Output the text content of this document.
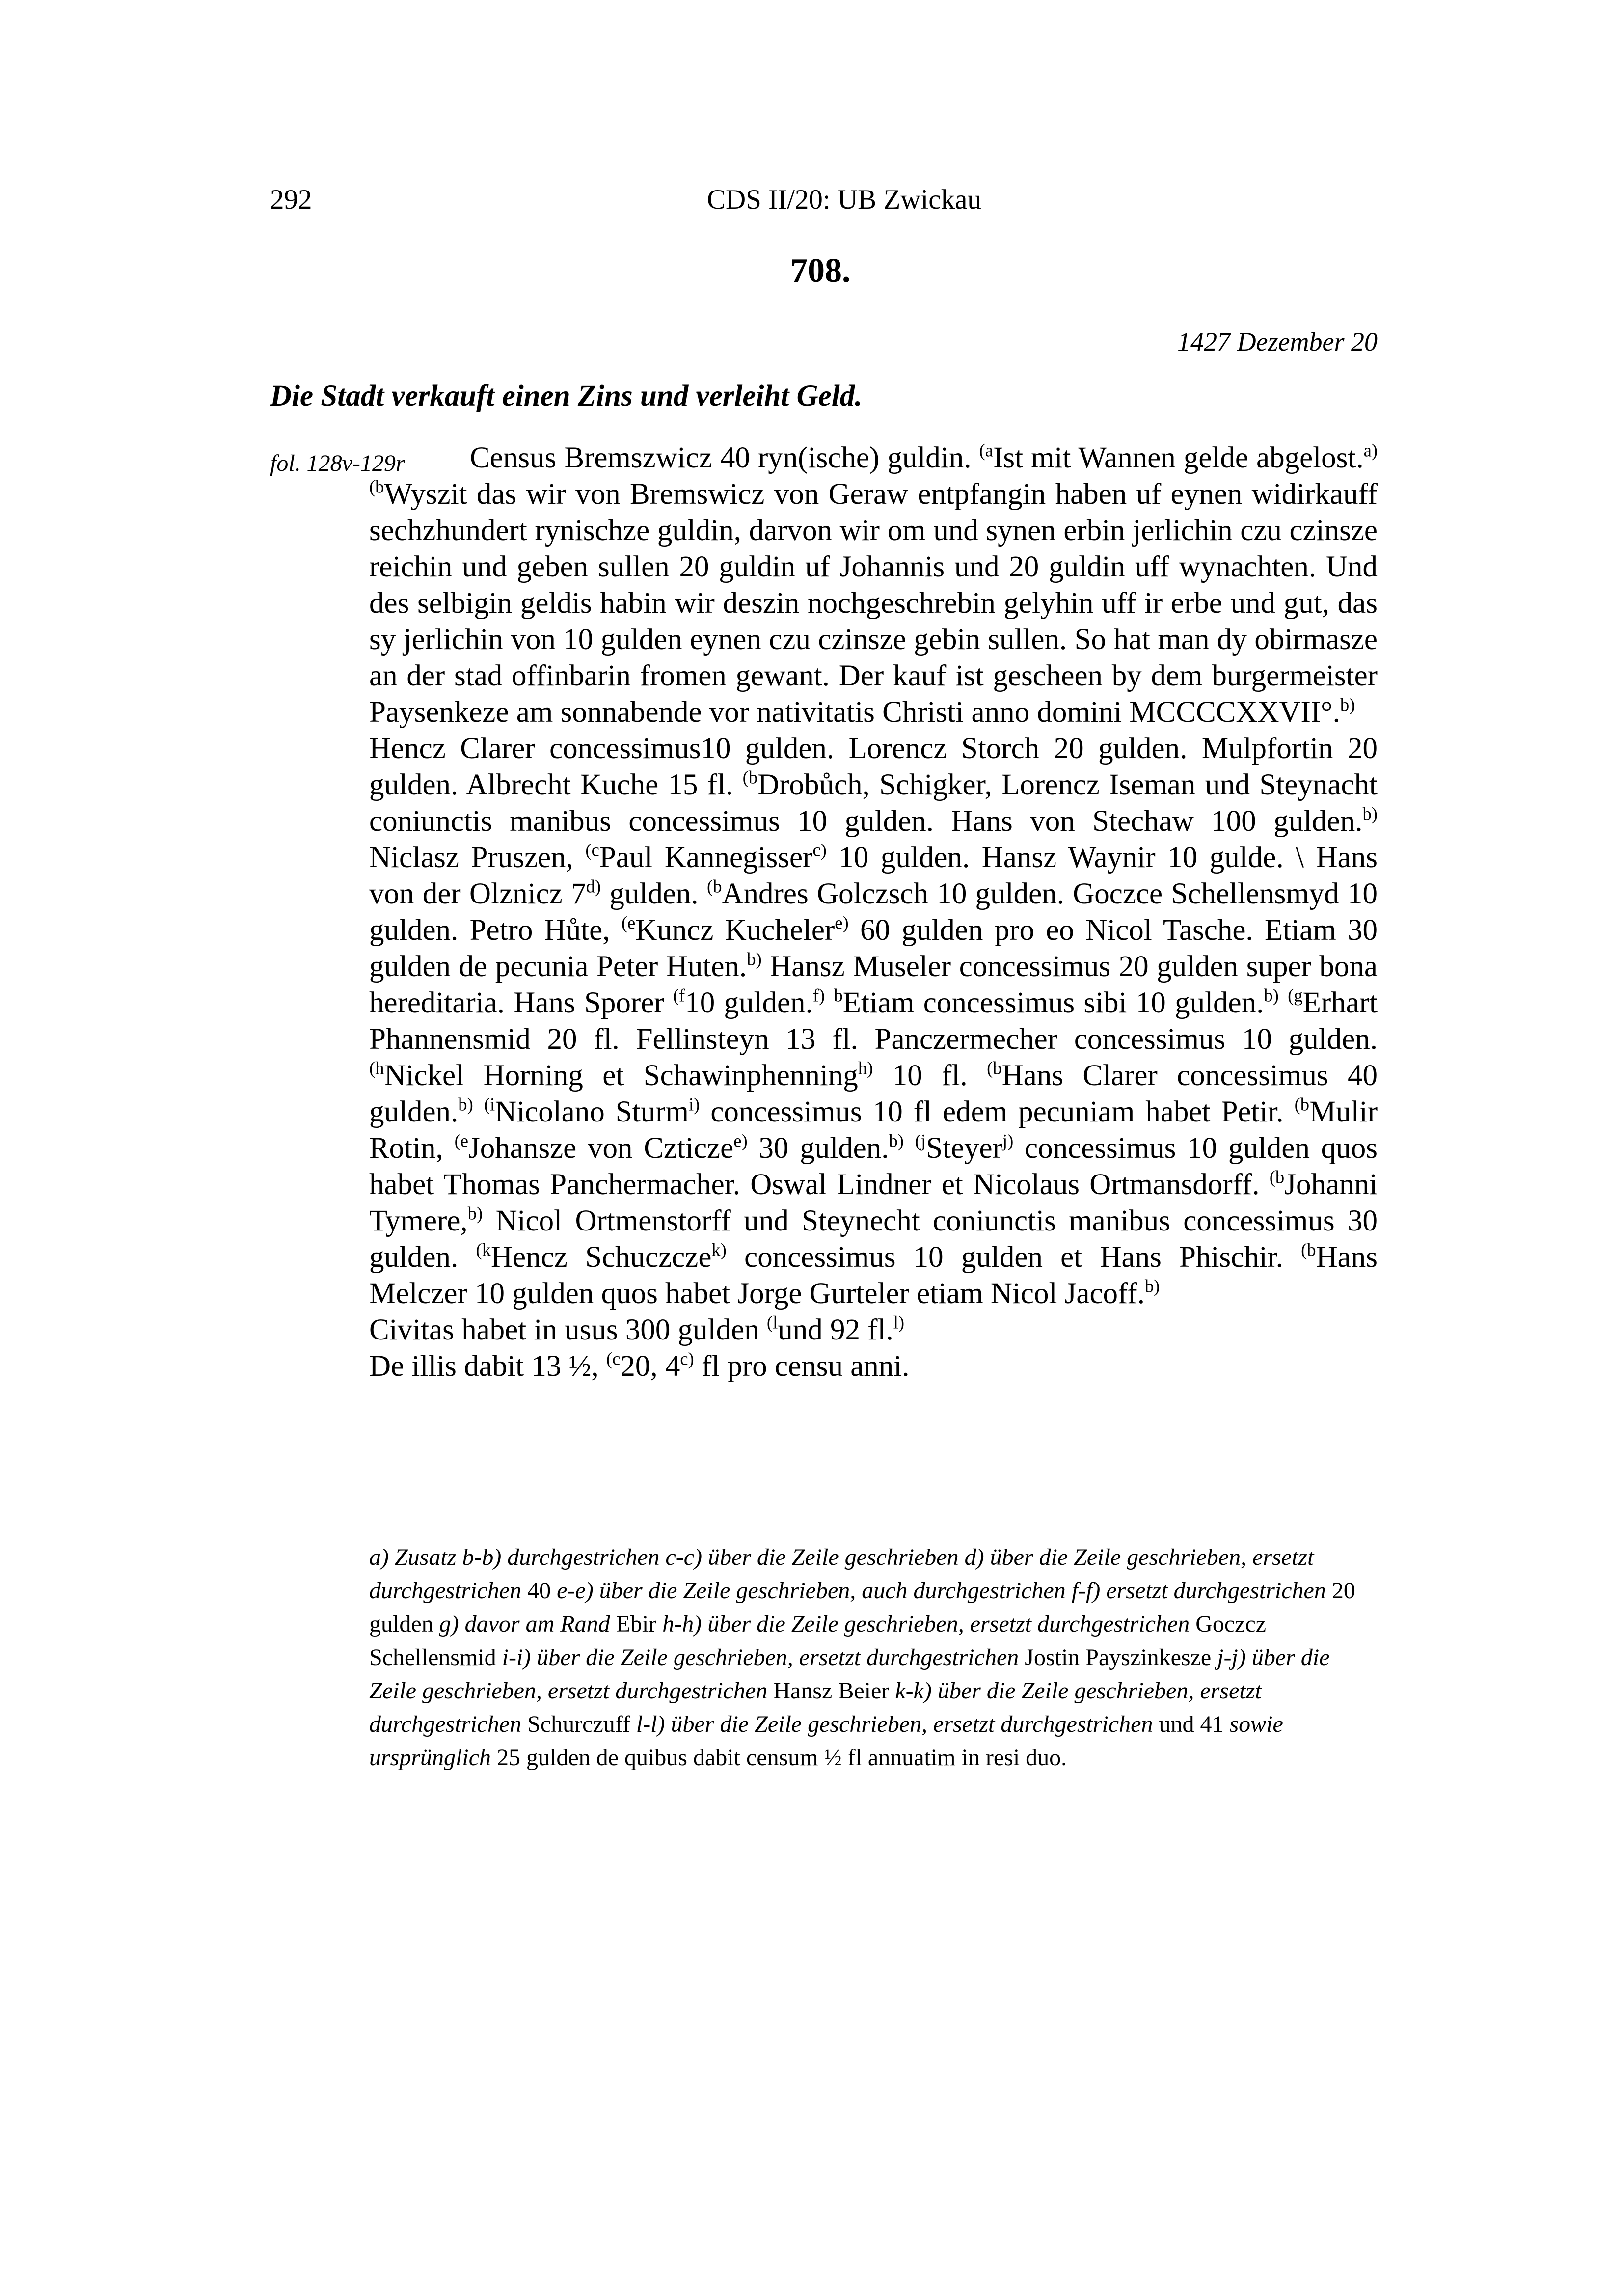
292	CDS II/20: UB Zwickau
708.
1427 Dezember 20
Die Stadt verkauft einen Zins und verleiht Geld.
fol. 128v-129r	Census Bremszwicz 40 ryn(ische) guldin. $^{(a}$Ist mit Wannen gelde abgelost.$^{a)}$ $^{(b}$Wyszit das wir von Bremswicz von Geraw entpfangin haben uf eynen widirkauff sechzhundert rynischze guldin, darvon wir om und synen erbin jerlichin czu czinsze reichin und geben sullen 20 guldin uf Johannis und 20 guldin uff wynachten. Und des selbigin geldis habin wir deszin nochgeschrebin gelyhin uff ir erbe und gut, das sy jerlichin von 10 gulden eynen czu czinsze gebin sullen. So hat man dy obirmasze an der stad offinbarin fromen gewant. Der kauf ist gescheen by dem burgermeister Paysenkeze am sonnabende vor nativitatis Christi anno domini MCCCCXXVII°.$^{b)}$

Hencz Clarer concessimus10 gulden. Lorencz Storch 20 gulden. Mulpfortin 20 gulden. Albrecht Kuche 15 fl. $^{(b}$Drobůch, Schigker, Lorencz Iseman und Steynacht coniunctis manibus concessimus 10 gulden. Hans von Stechaw 100 gulden.$^{b)}$ Niclasz Pruszen, $^{(c}$Paul Kannegisser$^{c)}$ 10 gulden. Hansz Waynir 10 gulde. \ Hans von der Olznicz 7$^{d)}$ gulden. $^{(b}$Andres Golczsch 10 gulden. Goczce Schellensmyd 10 gulden. Petro Hůte, $^{(e}$Kuncz Kucheler$^{e)}$ 60 gulden pro eo Nicol Tasche. Etiam 30 gulden de pecunia Peter Huten.$^{b)}$ Hansz Museler concessimus 20 gulden super bona hereditaria. Hans Sporer $^{(f}$10 gulden.$^{f)}$ $^b$Etiam concessimus sibi 10 gulden.$^{b)}$ $^{(g}$Erhart Phannensmid 20 fl. Fellinsteyn 13 fl. Panczermecher concessimus 10 gulden. $^{(h}$Nickel Horning et Schawinphenning$^{h)}$ 10 fl. $^{(b}$Hans Clarer concessimus 40 gulden.$^{b)}$ $^{(i}$Nicolano Sturm$^{i)}$ concessimus 10 fl edem pecuniam habet Petir. $^{(b}$Mulir Rotin, $^{(e}$Johansze von Czticze$^{e)}$ 30 gulden.$^{b)}$ $^{(j}$Steyer$^{j)}$ concessimus 10 gulden quos habet Thomas Panchermacher. Oswal Lindner et Nicolaus Ortmansdorff. $^{(b}$Johanni Tymere,$^{b)}$ Nicol Ortmenstorff und Steynecht coniunctis manibus concessimus 30 gulden. $^{(k}$Hencz Schuczcze$^{k)}$ concessimus 10 gulden et Hans Phischir. $^{(b}$Hans Melczer 10 gulden quos habet Jorge Gurteler etiam Nicol Jacoff.$^{b)}$

Civitas habet in usus 300 gulden $^{(l}$und 92 fl.$^{l)}$

De illis dabit 13 ½, $^{(c}$20, 4$^{c)}$ fl pro censu anni.

a) Zusatz b-b) durchgestrichen c-c) über die Zeile geschrieben d) über die Zeile geschrieben, ersetzt durchgestrichen 40 e-e) über die Zeile geschrieben, auch durchgestrichen f-f) ersetzt durchgestrichen 20 gulden g) davor am Rand Ebir h-h) über die Zeile geschrieben, ersetzt durchgestrichen Goczcz Schellensmid i-i) über die Zeile geschrieben, ersetzt durchgestrichen Jostin Payszinkesze j-j) über die Zeile geschrieben, ersetzt durchgestrichen Hansz Beier k-k) über die Zeile geschrieben, ersetzt durchgestrichen Schurczuff l-l) über die Zeile geschrieben, ersetzt durchgestrichen und 41 sowie ursprünglich 25 gulden de quibus dabit censum ½ fl annuatim in resi duo.
